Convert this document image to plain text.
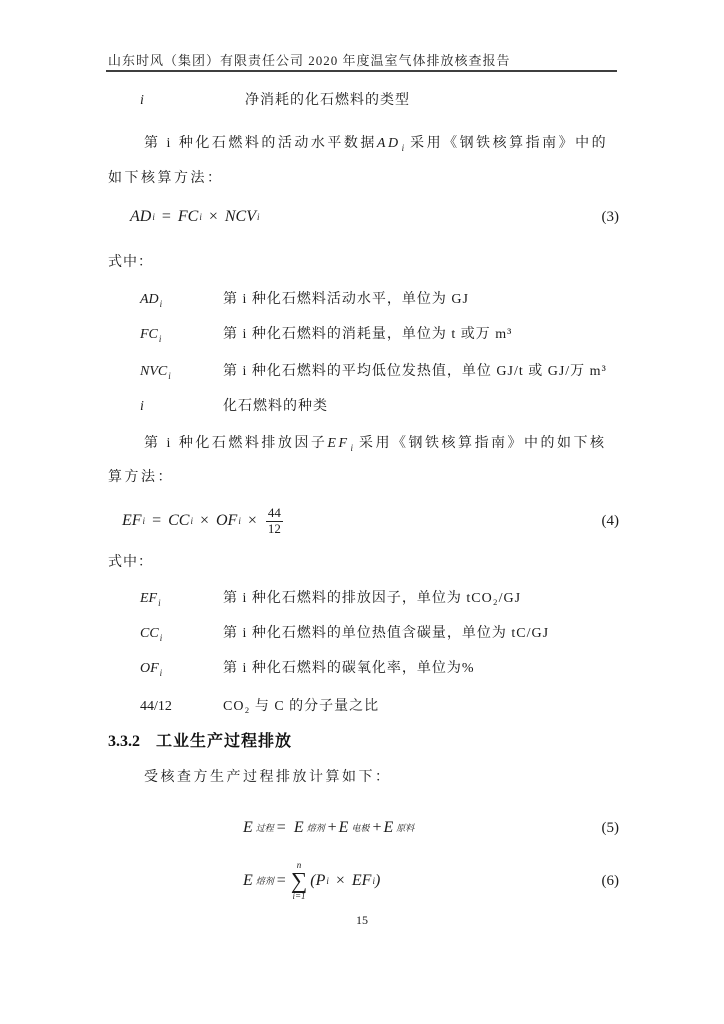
山东时风（集团）有限责任公司 2020 年度温室气体排放核查报告
i	净消耗的化石燃料的类型
第 i 种化石燃料的活动水平数据$AD_i$ 采用《钢铁核算指南》中的
如下核算方法：
AD i = FC i × NCV i	(3)
式中：
$AD_i$	第 i 种化石燃料活动水平，单位为 GJ
$FC_i$	第 i 种化石燃料的消耗量，单位为 t 或万 m³
$NVC_i$	第 i 种化石燃料的平均低位发热值，单位 GJ/t 或 GJ/万 m³
i	化石燃料的种类
第 i 种化石燃料排放因子$EF_i$ 采用《钢铁核算指南》中的如下核
算方法：
EF i = CC i × OF $i \times \frac{44}{12}$	(4)
式中：
$EF_i$	第 i 种化石燃料的排放因子，单位为 tCO₂/GJ
$CC_i$	第 i 种化石燃料的单位热值含碳量，单位为 tC/GJ
$OF_i$	第 i 种化石燃料的碳氧化率，单位为%
44/12	CO₂ 与 C 的分子量之比
3.3.2 工业生产过程排放
受核查方生产过程排放计算如下：
E 过程 = E 熔剂 + E 电极 + E 原料	(5)
E 熔剂 =
n
∑
i=1
( P i × EF i )	(6)
15
